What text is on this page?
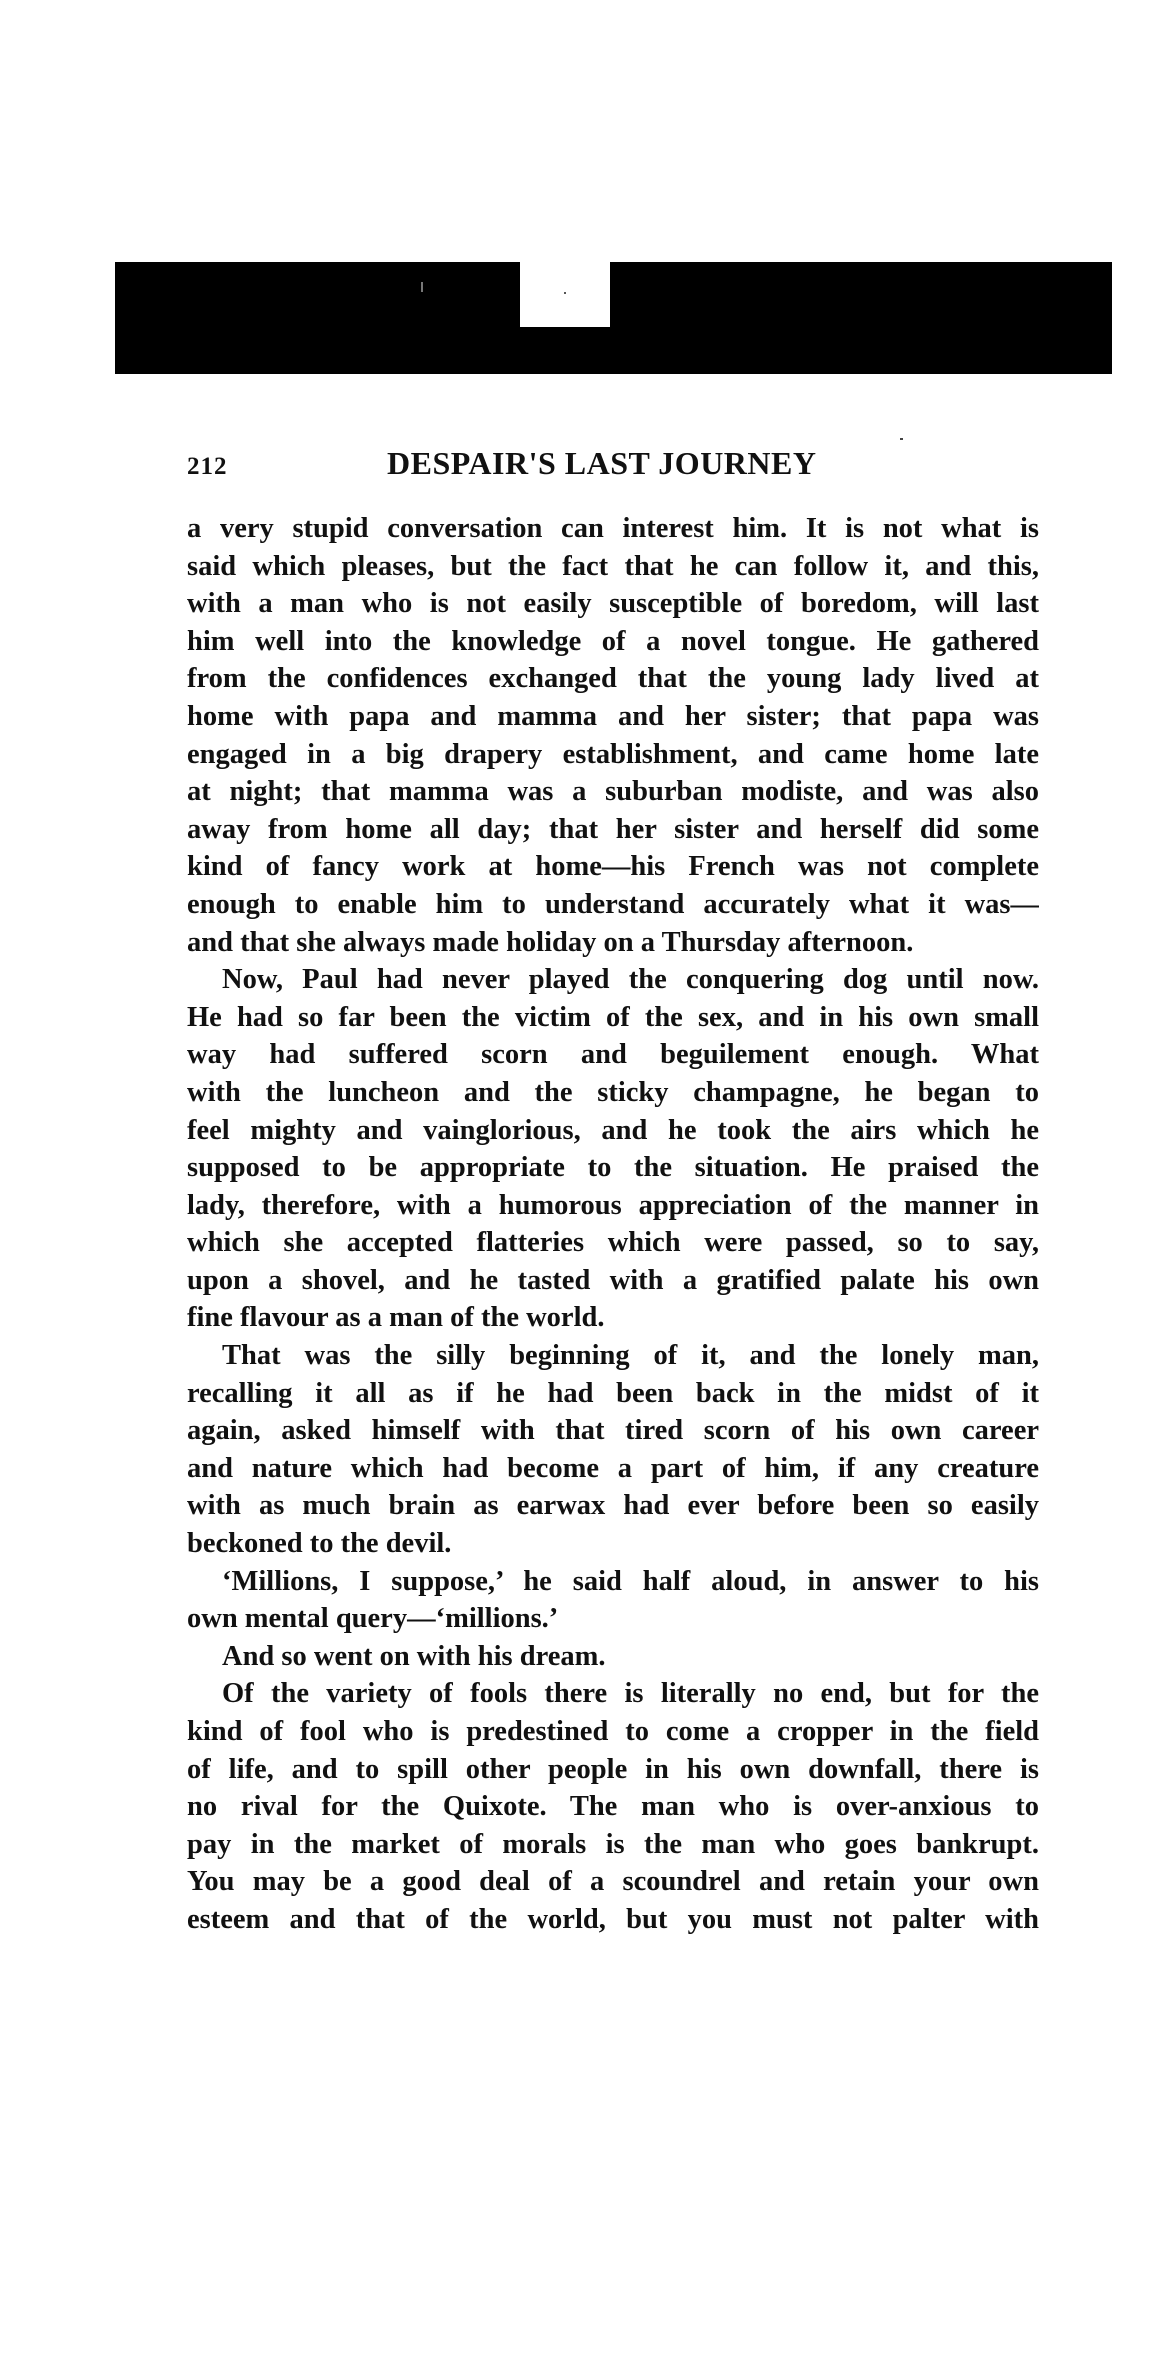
212	DESPAIR'S LAST JOURNEY
a very stupid conversation can interest him. It is not what is
said which pleases, but the fact that he can follow it, and this,
with a man who is not easily susceptible of boredom, will last
him well into the knowledge of a novel tongue. He gathered
from the confidences exchanged that the young lady lived at
home with papa and mamma and her sister; that papa was
engaged in a big drapery establishment, and came home late
at night; that mamma was a suburban modiste, and was also
away from home all day; that her sister and herself did some
kind of fancy work at home—his French was not complete
enough to enable him to understand accurately what it was—
and that she always made holiday on a Thursday afternoon.
Now, Paul had never played the conquering dog until now.
He had so far been the victim of the sex, and in his own small
way had suffered scorn and beguilement enough. What
with the luncheon and the sticky champagne, he began to
feel mighty and vainglorious, and he took the airs which he
supposed to be appropriate to the situation. He praised the
lady, therefore, with a humorous appreciation of the manner in
which she accepted flatteries which were passed, so to say,
upon a shovel, and he tasted with a gratified palate his own
fine flavour as a man of the world.
That was the silly beginning of it, and the lonely man,
recalling it all as if he had been back in the midst of it
again, asked himself with that tired scorn of his own career
and nature which had become a part of him, if any creature
with as much brain as earwax had ever before been so easily
beckoned to the devil.
‘Millions, I suppose,’ he said half aloud, in answer to his
own mental query—‘millions.’
And so went on with his dream.
Of the variety of fools there is literally no end, but for the
kind of fool who is predestined to come a cropper in the field
of life, and to spill other people in his own downfall, there is
no rival for the Quixote. The man who is over-anxious to
pay in the market of morals is the man who goes bankrupt.
You may be a good deal of a scoundrel and retain your own
esteem and that of the world, but you must not palter with
